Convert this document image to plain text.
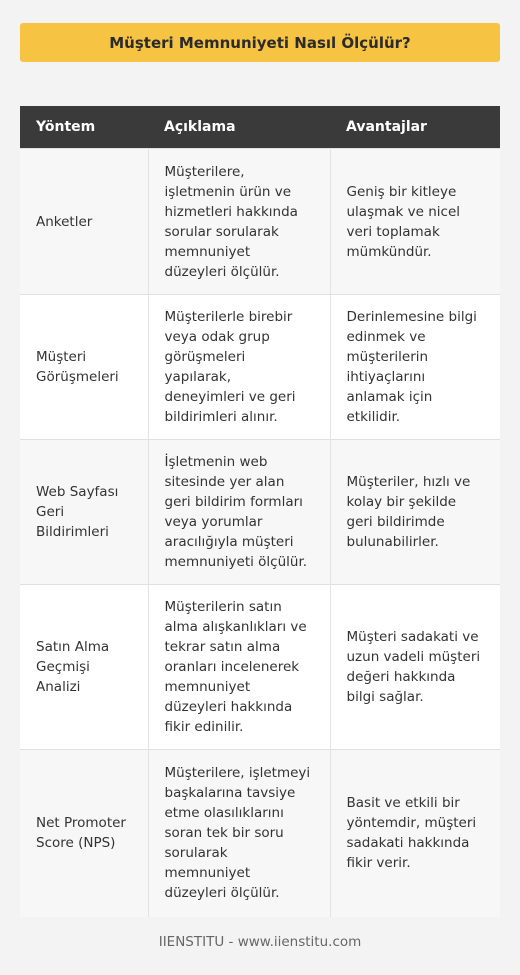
Müşteri Memnuniyeti Nasıl Ölçülür?
Yöntem	Açıklama	Avantajlar
Anketler	Müşterilere, işletmenin ürün ve hizmetleri hakkında sorular sorularak memnuniyet düzeyleri ölçülür.	Geniş bir kitleye ulaşmak ve nicel veri toplamak mümkündür.
Müşteri Görüşmeleri	Müşterilerle birebir veya odak grup görüşmeleri yapılarak, deneyimleri ve geri bildirimleri alınır.	Derinlemesine bilgi edinmek ve müşterilerin ihtiyaçlarını anlamak için etkilidir.
Web Sayfası Geri Bildirimleri	İşletmenin web sitesinde yer alan geri bildirim formları veya yorumlar aracılığıyla müşteri memnuniyeti ölçülür.	Müşteriler, hızlı ve kolay bir şekilde geri bildirimde bulunabilirler.
Satın Alma Geçmişi Analizi	Müşterilerin satın alma alışkanlıkları ve tekrar satın alma oranları incelenerek memnuniyet düzeyleri hakkında fikir edinilir.	Müşteri sadakati ve uzun vadeli müşteri değeri hakkında bilgi sağlar.
Net Promoter Score (NPS)	Müşterilere, işletmeyi başkalarına tavsiye etme olasılıklarını soran tek bir soru sorularak memnuniyet düzeyleri ölçülür.	Basit ve etkili bir yöntemdir, müşteri sadakati hakkında fikir verir.
IIENSTITU - www.iienstitu.com
